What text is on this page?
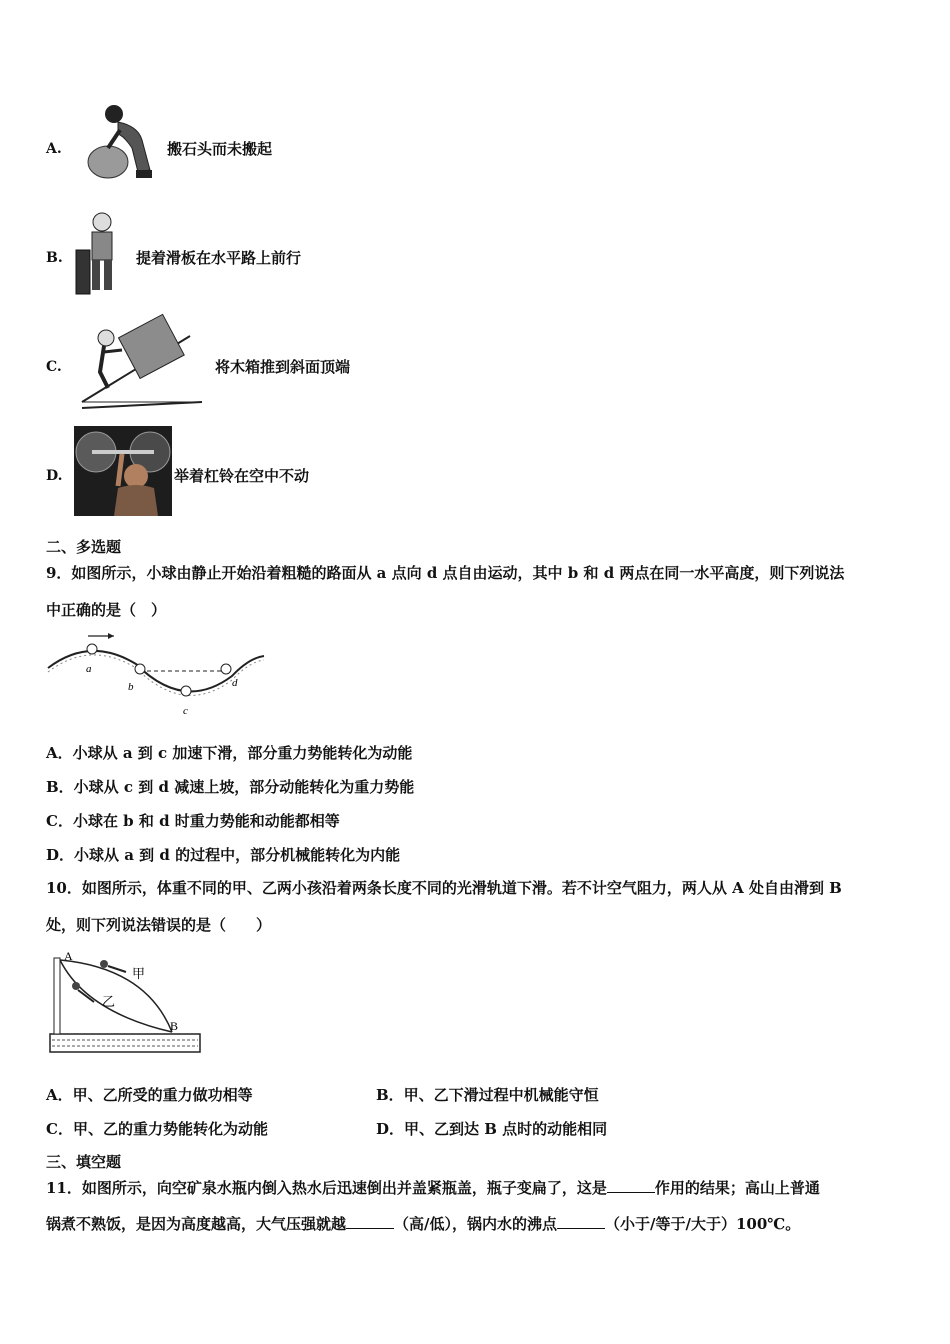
A.	搬石头而未搬起
B.	提着滑板在水平路上前行
C.	将木箱推到斜面顶端
D.	举着杠铃在空中不动
二、多选题
9．如图所示，小球由静止开始沿着粗糙的路面从 a 点向 d 点自由运动，其中 b 和 d 两点在同一水平高度，则下列说法
中正确的是（　）
a
b
c
d
A．小球从 a 到 c 加速下滑，部分重力势能转化为动能
B．小球从 c 到 d 减速上坡，部分动能转化为重力势能
C．小球在 b 和 d 时重力势能和动能都相等
D．小球从 a 到 d 的过程中，部分机械能转化为内能
10．如图所示，体重不同的甲、乙两小孩沿着两条长度不同的光滑轨道下滑。若不计空气阻力，两人从 A 处自由滑到 B
处，则下列说法错误的是（　　）
A
B
甲
乙
A．甲、乙所受的重力做功相等	B．甲、乙下滑过程中机械能守恒
C．甲、乙的重力势能转化为动能	D．甲、乙到达 B 点时的动能相同
三、填空题
11．如图所示，向空矿泉水瓶内倒入热水后迅速倒出并盖紧瓶盖，瓶子变扁了，这是	作用的结果；高山上普通
锅煮不熟饭，是因为高度越高，大气压强就越	（高/低），锅内水的沸点	（小于/等于/大于）100℃。
